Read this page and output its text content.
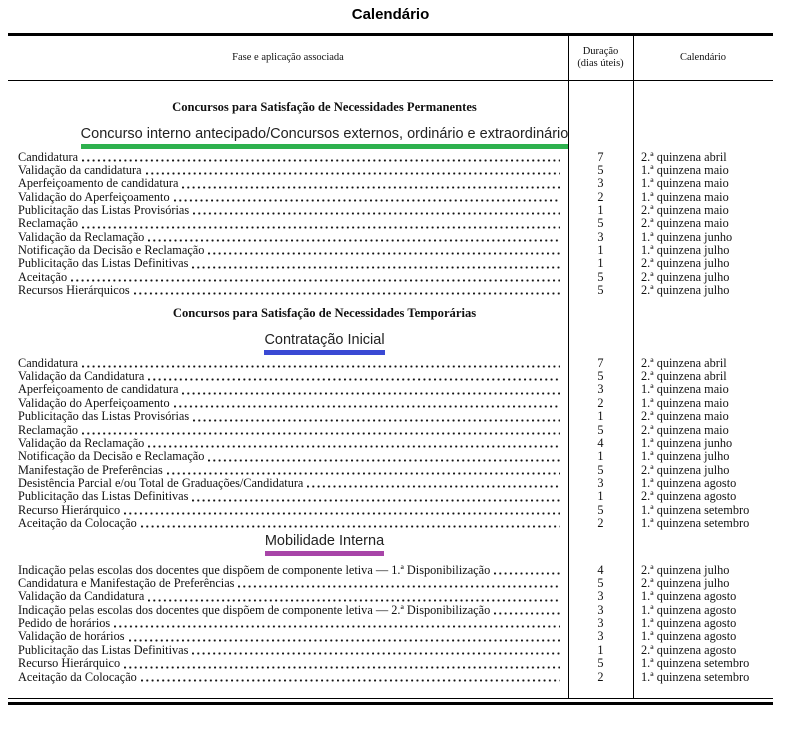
Calendário
Fase e aplicação associada
Duração
(dias úteis)
Calendário
Concursos para Satisfação de Necessidades Permanentes
Concurso interno antecipado/Concursos externos, ordinário e extraordinário
Candidatura	7	2.ª quinzena abril
Validação da candidatura	5	1.ª quinzena maio
Aperfeiçoamento de candidatura	3	1.ª quinzena maio
Validação do Aperfeiçoamento	2	1.ª quinzena maio
Publicitação das Listas Provisórias	1	2.ª quinzena maio
Reclamação	5	2.ª quinzena maio
Validação da Reclamação	3	1.ª quinzena junho
Notificação da Decisão e Reclamação	1	1.ª quinzena julho
Publicitação das Listas Definitivas	1	2.ª quinzena julho
Aceitação	5	2.ª quinzena julho
Recursos Hierárquicos	5	2.ª quinzena julho
Concursos para Satisfação de Necessidades Temporárias
Contratação Inicial
Candidatura	7	2.ª quinzena abril
Validação da Candidatura	5	2.ª quinzena abril
Aperfeiçoamento de candidatura	3	1.ª quinzena maio
Validação do Aperfeiçoamento	2	1.ª quinzena maio
Publicitação das Listas Provisórias	1	2.ª quinzena maio
Reclamação	5	2.ª quinzena maio
Validação da Reclamação	4	1.ª quinzena junho
Notificação da Decisão e Reclamação	1	1.ª quinzena julho
Manifestação de Preferências	5	2.ª quinzena julho
Desistência Parcial e/ou Total de Graduações/Candidatura	3	1.ª quinzena agosto
Publicitação das Listas Definitivas	1	2.ª quinzena agosto
Recurso Hierárquico	5	1.ª quinzena setembro
Aceitação da Colocação	2	1.ª quinzena setembro
Mobilidade Interna
Indicação pelas escolas dos docentes que dispõem de componente letiva — 1.ª Disponibilização	4	2.ª quinzena julho
Candidatura e Manifestação de Preferências	5	2.ª quinzena julho
Validação da Candidatura	3	1.ª quinzena agosto
Indicação pelas escolas dos docentes que dispõem de componente letiva — 2.ª Disponibilização	3	1.ª quinzena agosto
Pedido de horários	3	1.ª quinzena agosto
Validação de horários	3	1.ª quinzena agosto
Publicitação das Listas Definitivas	1	2.ª quinzena agosto
Recurso Hierárquico	5	1.ª quinzena setembro
Aceitação da Colocação	2	1.ª quinzena setembro
